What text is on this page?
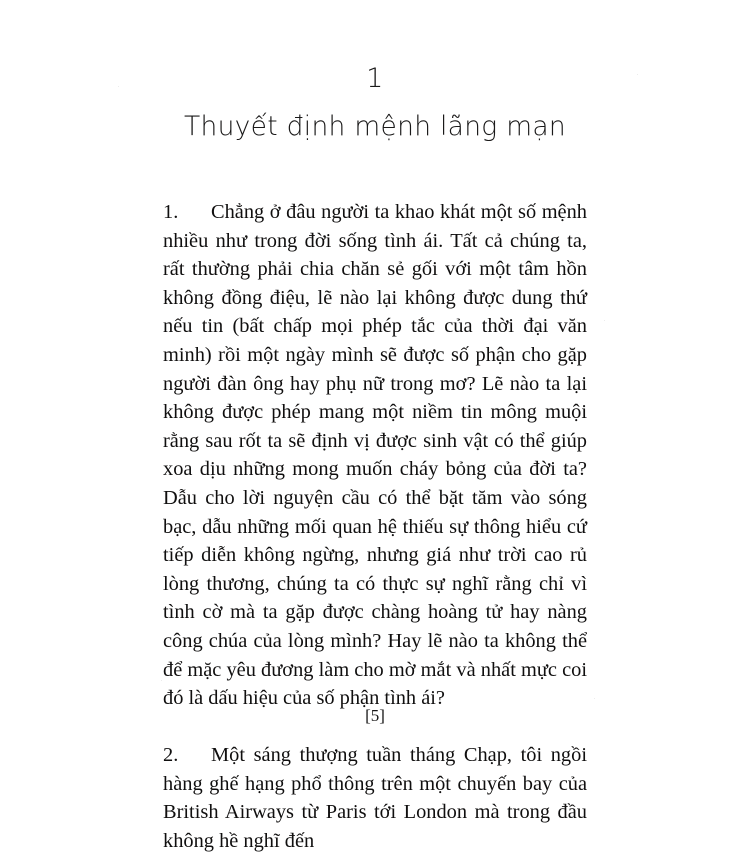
1
Thuyết định mệnh lãng mạn

1. Chẳng ở đâu người ta khao khát một số mệnh nhiều như trong đời sống tình ái. Tất cả chúng ta, rất thường phải chia chăn sẻ gối với một tâm hồn không đồng điệu, lẽ nào lại không được dung thứ nếu tin (bất chấp mọi phép tắc của thời đại văn minh) rồi một ngày mình sẽ được số phận cho gặp người đàn ông hay phụ nữ trong mơ? Lẽ nào ta lại không được phép mang một niềm tin mông muội rằng sau rốt ta sẽ định vị được sinh vật có thể giúp xoa dịu những mong muốn cháy bỏng của đời ta? Dẫu cho lời nguyện cầu có thể bặt tăm vào sóng bạc, dẫu những mối quan hệ thiếu sự thông hiểu cứ tiếp diễn không ngừng, nhưng giá như trời cao rủ lòng thương, chúng ta có thực sự nghĩ rằng chỉ vì tình cờ mà ta gặp được chàng hoàng tử hay nàng công chúa của lòng mình? Hay lẽ nào ta không thể để mặc yêu đương làm cho mờ mắt và nhất mực coi đó là dấu hiệu của số phận tình ái?

2. Một sáng thượng tuần tháng Chạp, tôi ngồi hàng ghế hạng phổ thông trên một chuyến bay của British Airways từ Paris tới London mà trong đầu không hề nghĩ đến

[5]
